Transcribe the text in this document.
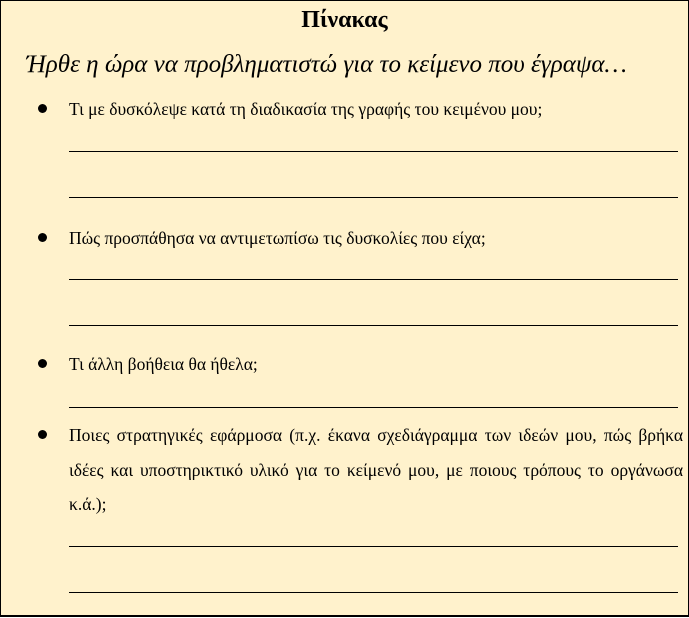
Πίνακας
Ήρθε η ώρα να προβληματιστώ για το κείμενο που έγραψα…
Τι με δυσκόλεψε κατά τη διαδικασία της γραφής του κειμένου μου;
Πώς προσπάθησα να αντιμετωπίσω τις δυσκολίες που είχα;
Τι άλλη βοήθεια θα ήθελα;
Ποιες στρατηγικές εφάρμοσα (π.χ. έκανα σχεδιάγραμμα των ιδεών μου, πώς βρήκα ιδέες και υποστηρικτικό υλικό για το κείμενό μου, με ποιους τρόπους το οργάνωσα κ.ά.);
